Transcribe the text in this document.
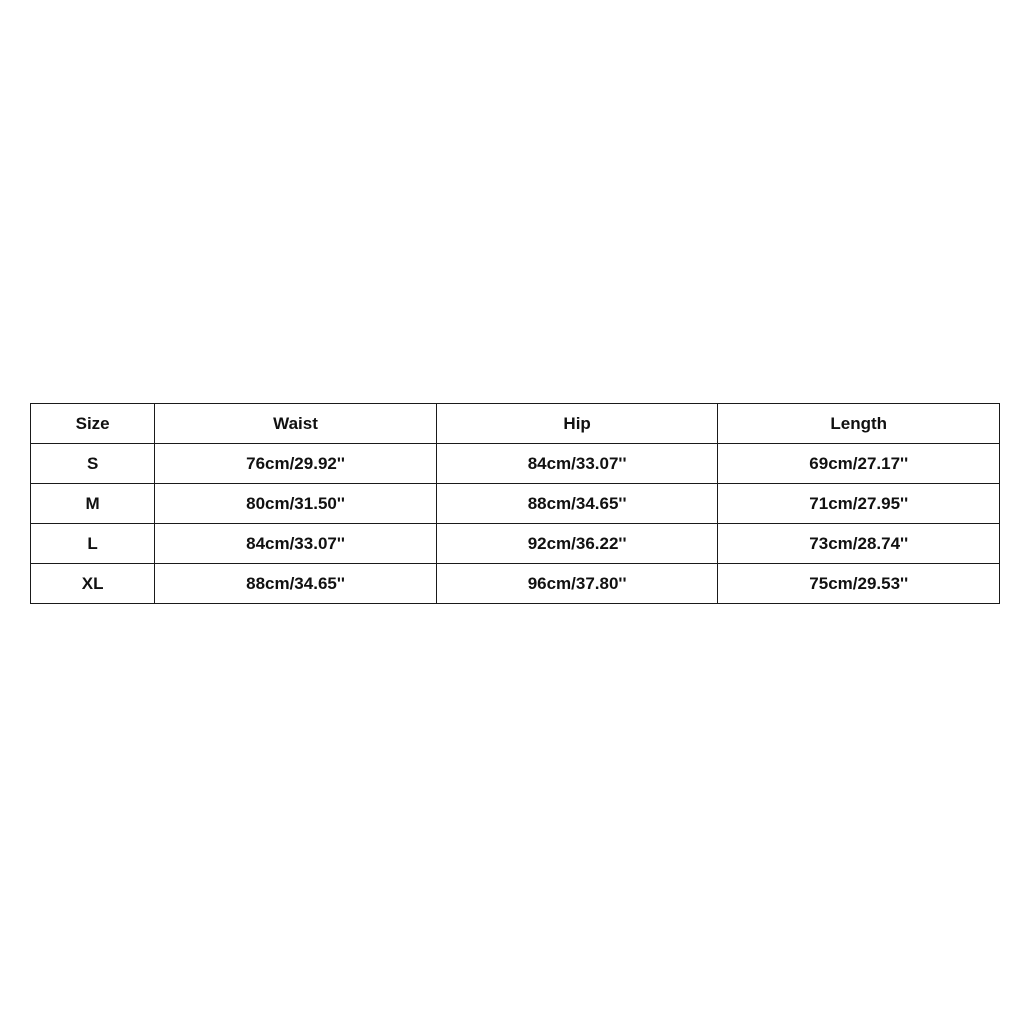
Size	Waist	Hip	Length
S	76cm/29.92''	84cm/33.07''	69cm/27.17''
M	80cm/31.50''	88cm/34.65''	71cm/27.95''
L	84cm/33.07''	92cm/36.22''	73cm/28.74''
XL	88cm/34.65''	96cm/37.80''	75cm/29.53''
